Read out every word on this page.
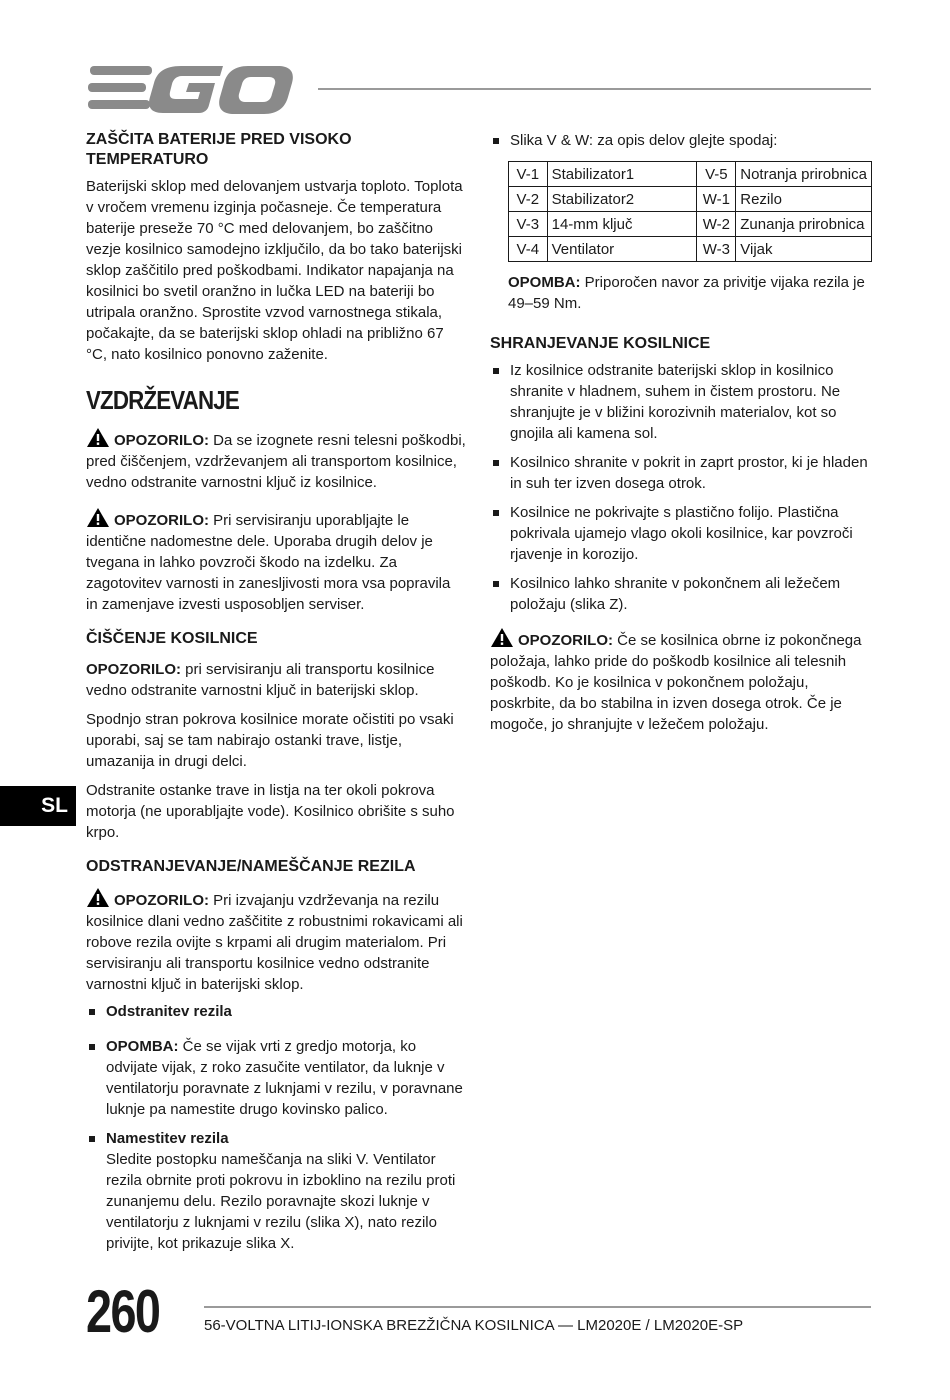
ZAŠČITA BATERIJE PRED VISOKO TEMPERATURO

Baterijski sklop med delovanjem ustvarja toploto. Toplota v vročem vremenu izginja počasneje. Če temperatura baterije preseže 70 °C med delovanjem, bo zaščitno vezje kosilnico samodejno izklјučilo, da bo tako baterijski sklop zaščitilo pred poškodbami. Indikator napajanja na kosilnici bo svetil oranžno in lučka LED na bateriji bo utripala oranžno. Sprostite vzvod varnostnega stikala, počakajte, da se baterijski sklop ohladi na približno 67 °C, nato kosilnico ponovno zaženite.

VZDRŽEVANJE

OPOZORILO: Da se izognete resni telesni poškodbi, pred čiščenjem, vzdrževanjem ali transportom kosilnice, vedno odstranite varnostni ključ iz kosilnice.

OPOZORILO: Pri servisiranju uporabljajte le identične nadomestne dele. Uporaba drugih delov je tvegana in lahko povzroči škodo na izdelku. Za zagotovitev varnosti in zanesljivosti mora vsa popravila in zamenjave izvesti usposobljen serviser.

ČIŠČENJE KOSILNICE

OPOZORILO: pri servisiranju ali transportu kosilnice vedno odstranite varnostni ključ in baterijski sklop.

Spodnjo stran pokrova kosilnice morate očistiti po vsaki uporabi, saj se tam nabirajo ostanki trave, listje, umazanija in drugi delci.

Odstranite ostanke trave in listja na ter okoli pokrova motorja (ne uporabljajte vode). Kosilnico obrišite s suho krpo.

ODSTRANJEVANJE/NAMEŠČANJE REZILA

OPOZORILO: Pri izvajanju vzdrževanja na rezilu kosilnice dlani vedno zaščitite z robustnimi rokavicami ali robove rezila ovijte s krpami ali drugim materialom. Pri servisiranju ali transportu kosilnice vedno odstranite varnostni ključ in baterijski sklop.

Odstranitev rezila
OPOMBA: Če se vijak vrti z gredjo motorja, ko odvijate vijak, z roko zasučite ventilator, da luknje v ventilatorju poravnate z luknjami v rezilu, v poravnane luknje pa namestite drugo kovinsko palico.
Namestitev rezila
Sledite postopku nameščanja na sliki V. Ventilator rezila obrnite proti pokrovu in izboklino na rezilu proti zunanjemu delu. Rezilo poravnajte skozi luknje v ventilatorju z luknjami v rezilu (slika X), nato rezilo privijte, kot prikazuje slika X.
Slika V & W: za opis delov glejte spodaj:
V-1	Stabilizator1	V-5	Notranja prirobnica
V-2	Stabilizator2	W-1	Rezilo
V-3	14-mm ključ	W-2	Zunanja prirobnica
V-4	Ventilator	W-3	Vijak

OPOMBA: Priporočen navor za privitje vijaka rezila je 49–59 Nm.

SHRANJEVANJE KOSILNICE
Iz kosilnice odstranite baterijski sklop in kosilnico shranite v hladnem, suhem in čistem prostoru. Ne shranjujte je v bližini korozivnih materialov, kot so gnojila ali kamena sol.
Kosilnico shranite v pokrit in zaprt prostor, ki je hladen in suh ter izven dosega otrok.
Kosilnice ne pokrivajte s plastično folijo. Plastična pokrivala ujamejo vlago okoli kosilnice, kar povzroči rjavenje in korozijo.
Kosilnico lahko shranite v pokončnem ali ležečem položaju (slika Z).

OPOZORILO: Če se kosilnica obrne iz pokončnega položaja, lahko pride do poškodb kosilnice ali telesnih poškodb. Ko je kosilnica v pokončnem položaju, poskrbite, da bo stabilna in izven dosega otrok. Če je mogoče, jo shranjujte v ležečem položaju.

SL
260	56-VOLTNA LITIJ-IONSKA BREZŽIČNA KOSILNICA — LM2020E / LM2020E-SP
